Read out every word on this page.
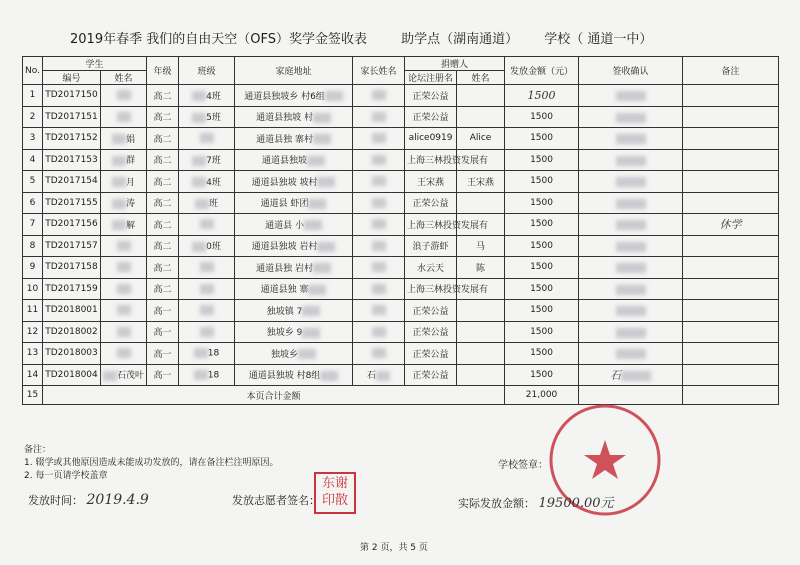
2019年春季 我们的自由天空（OFS）奖学金签收表	助学点（湖南通道） 学校（ 通道一中）
No.	学生		年级	班级	家庭地址	家长姓名	捐赠人		发放金额（元）	签收确认	备注
	编号	姓名					论坛注册名	姓名			
1	TD2017150		高二	4班	通道县独坡乡 村6组		正荣公益		1500		
2	TD2017151		高二	5班	通道县独坡 村		正荣公益		1500		
3	TD2017152	娟	高二		通道县独 寨村		alice0919	Alice	1500		
4	TD2017153	群	高二	7班	通道县独坡		上海三林投资发展有		1500		
5	TD2017154	月	高二	4班	通道县独坡 坡村		王宋燕	王宋燕	1500		
6	TD2017155	涛	高二	班	通道县 虾团		正荣公益		1500		
7	TD2017156	解	高二		通道县 小		上海三林投资发展有		1500		休学
8	TD2017157		高二	0班	通道县独坡 岩村		浪子游虾	马	1500		
9	TD2017158		高二		通道县独 岩村		水云天	陈	1500		
10	TD2017159		高二		通道县独 寨		上海三林投资发展有		1500		
11	TD2018001		高一		独坡镇 7		正荣公益		1500		
12	TD2018002		高一		独坡乡 9		正荣公益		1500		
13	TD2018003		高一	18	独坡乡		正荣公益		1500		
14	TD2018004	石茂叶	高一	18	通道县独坡 村8组	石	正荣公益		1500	石	
15	本页合计金额								21,000		
备注：
1. 辍学或其他原因造成未能成功发放的，请在备注栏注明原因。
2. 每一页请学校盖章
学校签章：
发放时间： 2019.4.9	发放志愿者签名：
东谢印散	实际发放金额： 19500.00元
第 2 页，共 5 页
